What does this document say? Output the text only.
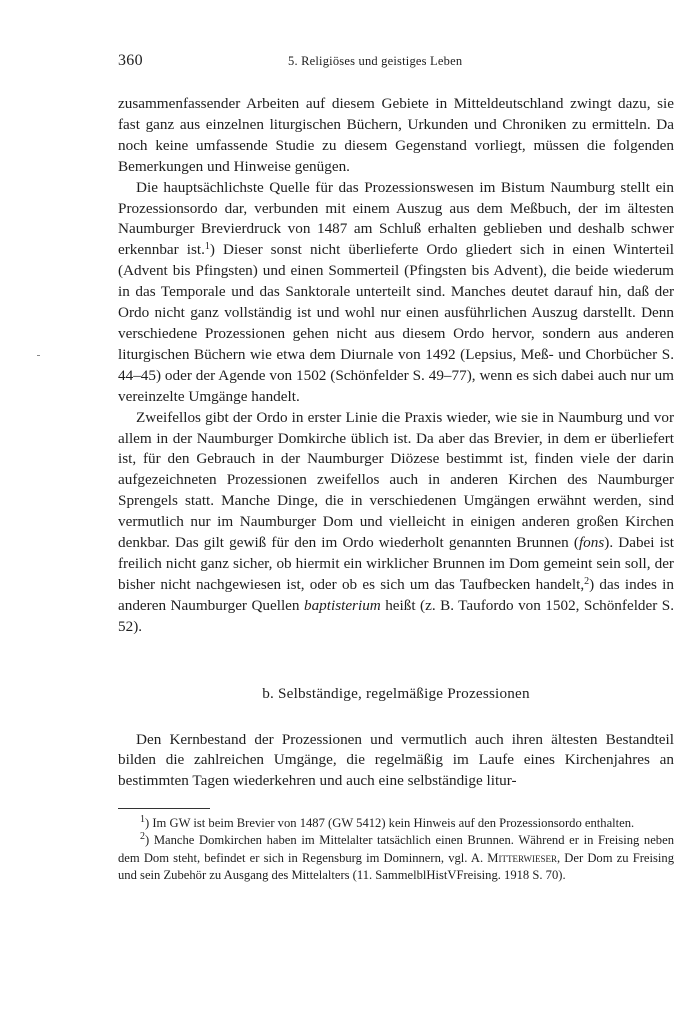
360	5. Religiöses und geistiges Leben

zusammenfassender Arbeiten auf diesem Gebiete in Mitteldeutschland zwingt dazu, sie fast ganz aus einzelnen liturgischen Büchern, Urkunden und Chroniken zu ermitteln. Da noch keine umfassende Studie zu diesem Gegenstand vorliegt, müssen die folgenden Bemerkungen und Hinweise genügen.

Die hauptsächlichste Quelle für das Prozessionswesen im Bistum Naumburg stellt ein Prozessionsordo dar, verbunden mit einem Auszug aus dem Meßbuch, der im ältesten Naumburger Brevierdruck von 1487 am Schluß erhalten geblieben und deshalb schwer erkennbar ist.$^1$) Dieser sonst nicht überlieferte Ordo gliedert sich in einen Winterteil (Advent bis Pfingsten) und einen Sommerteil (Pfingsten bis Advent), die beide wiederum in das Temporale und das Sanktorale unterteilt sind. Manches deutet darauf hin, daß der Ordo nicht ganz vollständig ist und wohl nur einen ausführlichen Auszug darstellt. Denn verschiedene Prozessionen gehen nicht aus diesem Ordo hervor, sondern aus anderen liturgischen Büchern wie etwa dem Diurnale von 1492 (Lepsius, Meß- und Chorbücher S. 44–45) oder der Agende von 1502 (Schönfelder S. 49–77), wenn es sich dabei auch nur um vereinzelte Umgänge handelt.

Zweifellos gibt der Ordo in erster Linie die Praxis wieder, wie sie in Naumburg und vor allem in der Naumburger Domkirche üblich ist. Da aber das Brevier, in dem er überliefert ist, für den Gebrauch in der Naumburger Diözese bestimmt ist, finden viele der darin aufgezeichneten Prozessionen zweifellos auch in anderen Kirchen des Naumburger Sprengels statt. Manche Dinge, die in verschiedenen Umgängen erwähnt werden, sind vermutlich nur im Naumburger Dom und vielleicht in einigen anderen großen Kirchen denkbar. Das gilt gewiß für den im Ordo wiederholt genannten Brunnen (fons). Dabei ist freilich nicht ganz sicher, ob hiermit ein wirklicher Brunnen im Dom gemeint sein soll, der bisher nicht nachgewiesen ist, oder ob es sich um das Taufbecken handelt,$^2$) das indes in anderen Naumburger Quellen baptisterium heißt (z. B. Taufordo von 1502, Schönfelder S. 52).

b. Selbständige, regelmäßige Prozessionen

Den Kernbestand der Prozessionen und vermutlich auch ihren ältesten Bestandteil bilden die zahlreichen Umgänge, die regelmäßig im Laufe eines Kirchenjahres an bestimmten Tagen wiederkehren und auch eine selbständige litur-

$^1$) Im GW ist beim Brevier von 1487 (GW 5412) kein Hinweis auf den Prozessionsordo enthalten.

$^2$) Manche Domkirchen haben im Mittelalter tatsächlich einen Brunnen. Während er in Freising neben dem Dom steht, befindet er sich in Regensburg im Dominnern, vgl. A. Mitterwieser, Der Dom zu Freising und sein Zubehör zu Ausgang des Mittelalters (11. SammelblHistVFreising. 1918 S. 70).
